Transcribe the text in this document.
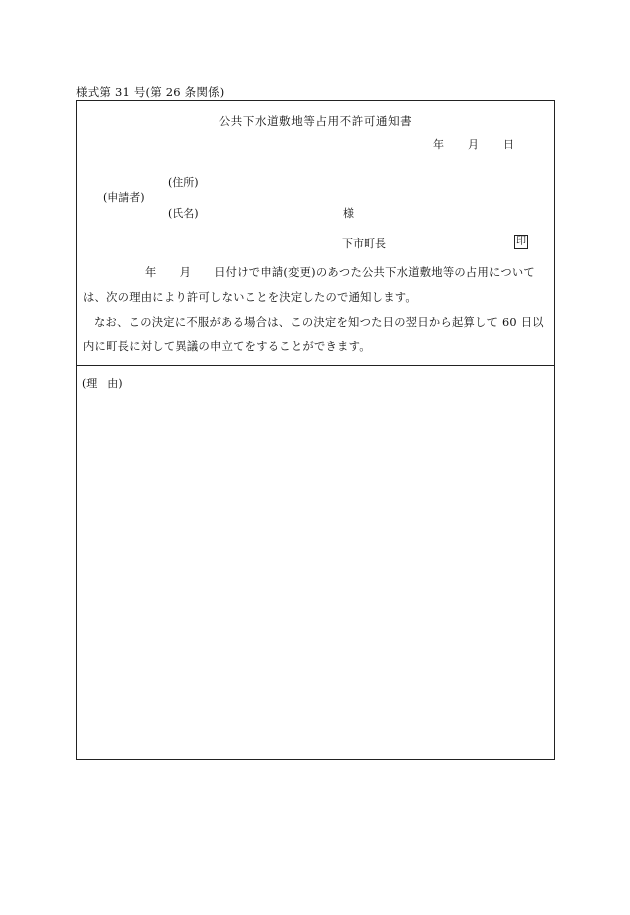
様式第 31 号(第 26 条関係)
公共下水道敷地等占用不許可通知書
年 月 日
(住所)
(申請者)
(氏名)	様
下市町長	印
年 月 日付けで申請(変更)のあつた公共下水道敷地等の占用について
は、次の理由により許可しないことを決定したので通知します。
なお、この決定に不服がある場合は、この決定を知つた日の翌日から起算して 60 日以
内に町長に対して異議の申立てをすることができます。
(理 由)
